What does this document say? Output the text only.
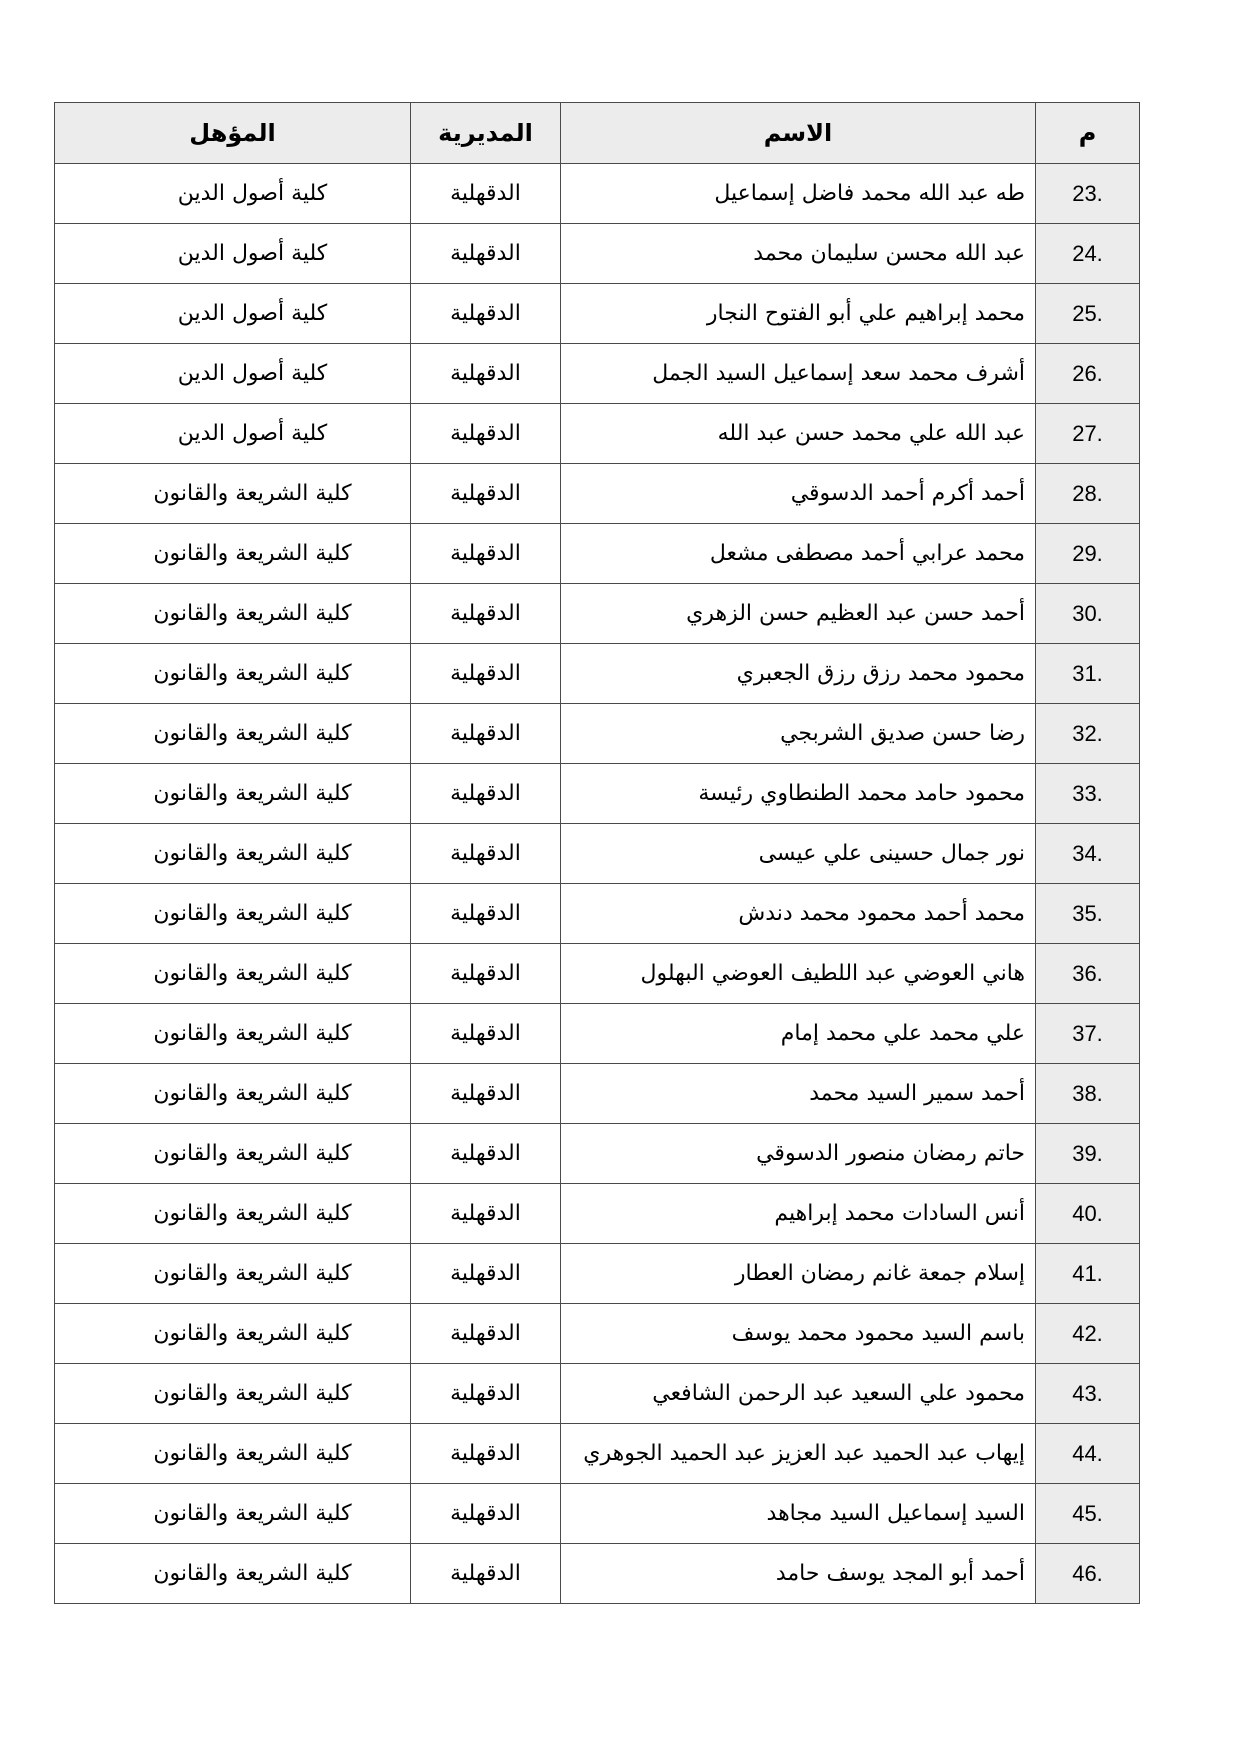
م	الاسم	المديرية	المؤهل
23.	طه عبد الله محمد فاضل إسماعيل	الدقهلية	كلية أصول الدين
24.	عبد الله محسن سليمان محمد	الدقهلية	كلية أصول الدين
25.	محمد إبراهيم علي أبو الفتوح النجار	الدقهلية	كلية أصول الدين
26.	أشرف محمد سعد إسماعيل السيد الجمل	الدقهلية	كلية أصول الدين
27.	عبد الله علي محمد حسن عبد الله	الدقهلية	كلية أصول الدين
28.	أحمد أكرم أحمد الدسوقي	الدقهلية	كلية الشريعة والقانون
29.	محمد عرابي أحمد مصطفى مشعل	الدقهلية	كلية الشريعة والقانون
30.	أحمد حسن عبد العظيم حسن الزهري	الدقهلية	كلية الشريعة والقانون
31.	محمود محمد رزق رزق الجعبري	الدقهلية	كلية الشريعة والقانون
32.	رضا حسن صديق الشربجي	الدقهلية	كلية الشريعة والقانون
33.	محمود حامد محمد الطنطاوي رئيسة	الدقهلية	كلية الشريعة والقانون
34.	نور جمال حسينى علي عيسى	الدقهلية	كلية الشريعة والقانون
35.	محمد أحمد محمود محمد دندش	الدقهلية	كلية الشريعة والقانون
36.	هاني العوضي عبد اللطيف العوضي البهلول	الدقهلية	كلية الشريعة والقانون
37.	علي محمد علي محمد إمام	الدقهلية	كلية الشريعة والقانون
38.	أحمد سمير السيد محمد	الدقهلية	كلية الشريعة والقانون
39.	حاتم رمضان منصور الدسوقي	الدقهلية	كلية الشريعة والقانون
40.	أنس السادات محمد إبراهيم	الدقهلية	كلية الشريعة والقانون
41.	إسلام جمعة غانم رمضان العطار	الدقهلية	كلية الشريعة والقانون
42.	باسم السيد محمود محمد يوسف	الدقهلية	كلية الشريعة والقانون
43.	محمود علي السعيد عبد الرحمن الشافعي	الدقهلية	كلية الشريعة والقانون
44.	إيهاب عبد الحميد عبد العزيز عبد الحميد الجوهري	الدقهلية	كلية الشريعة والقانون
45.	السيد إسماعيل السيد مجاهد	الدقهلية	كلية الشريعة والقانون
46.	أحمد أبو المجد يوسف حامد	الدقهلية	كلية الشريعة والقانون
